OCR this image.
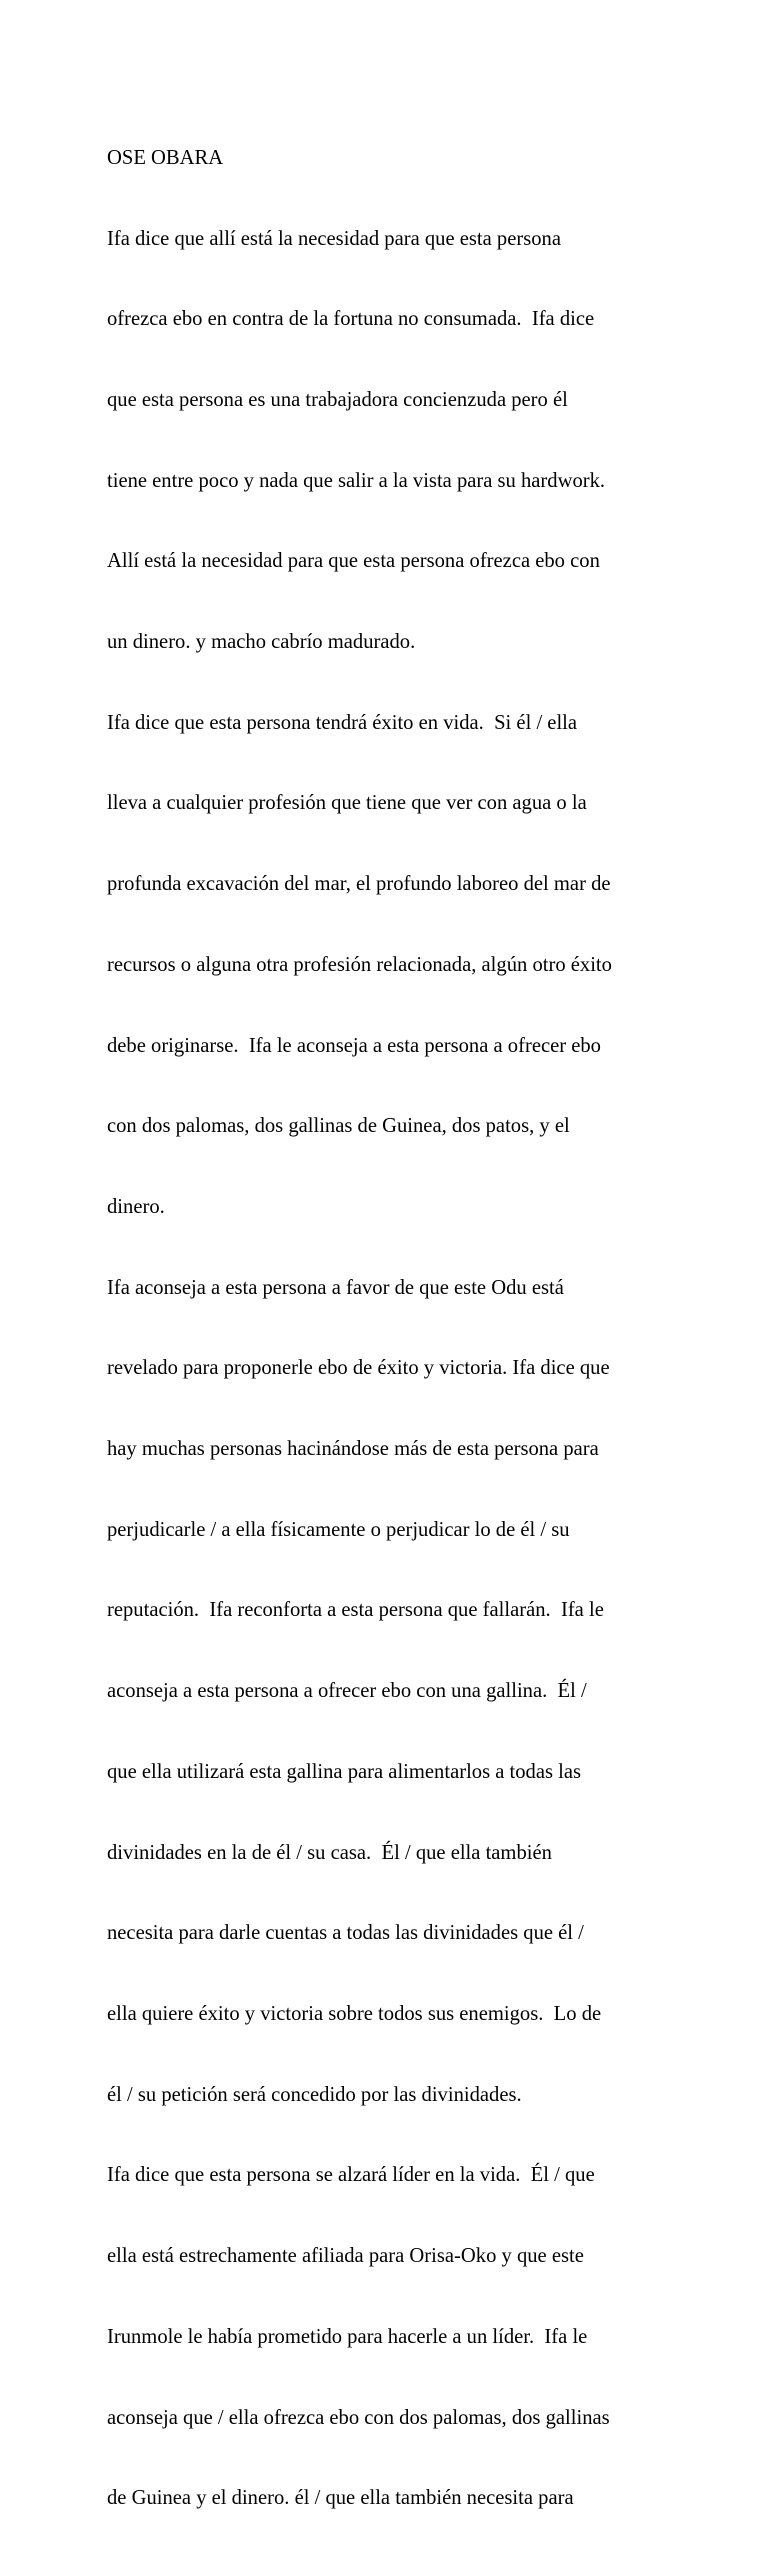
OSE OBARA

Ifa dice que allí está la necesidad para que esta persona

ofrezca ebo en contra de la fortuna no consumada.  Ifa dice

que esta persona es una trabajadora concienzuda pero él

tiene entre poco y nada que salir a la vista para su hardwork.

Allí está la necesidad para que esta persona ofrezca ebo con

un dinero. y macho cabrío madurado.

Ifa dice que esta persona tendrá éxito en vida.  Si él / ella

lleva a cualquier profesión que tiene que ver con agua o la

profunda excavación del mar, el profundo laboreo del mar de

recursos o alguna otra profesión relacionada, algún otro éxito

debe originarse.  Ifa le aconseja a esta persona a ofrecer ebo

con dos palomas, dos gallinas de Guinea, dos patos, y el

dinero.

Ifa aconseja a esta persona a favor de que este Odu está

revelado para proponerle ebo de éxito y victoria. Ifa dice que

hay muchas personas hacinándose más de esta persona para

perjudicarle / a ella físicamente o perjudicar lo de él / su

reputación.  Ifa reconforta a esta persona que fallarán.  Ifa le

aconseja a esta persona a ofrecer ebo con una gallina.  Él /

que ella utilizará esta gallina para alimentarlos a todas las

divinidades en la de él / su casa.  Él / que ella también

necesita para darle cuentas a todas las divinidades que él /

ella quiere éxito y victoria sobre todos sus enemigos.  Lo de

él / su petición será concedido por las divinidades.

Ifa dice que esta persona se alzará líder en la vida.  Él / que

ella está estrechamente afiliada para Orisa-Oko y que este

Irunmole le había prometido para hacerle a un líder.  Ifa le

aconseja que / ella ofrezca ebo con dos palomas, dos gallinas

de Guinea y el dinero. él / que ella también necesita para
